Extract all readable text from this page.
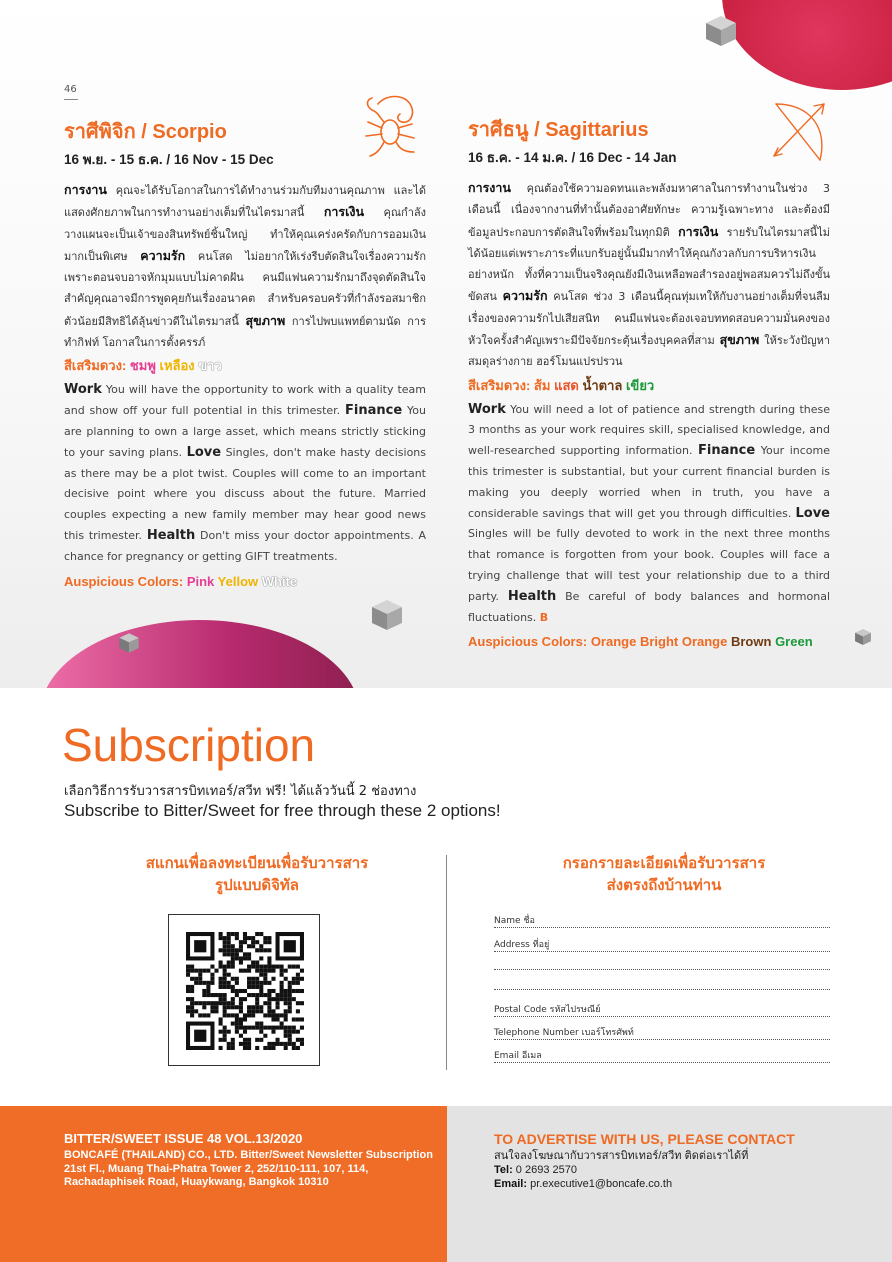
46
ราศีพิจิก / Scorpio
16 พ.ย. - 15 ธ.ค. / 16 Nov - 15 Dec

การงาน คุณจะได้รับโอกาสในการได้ทำงานร่วมกับทีมงานคุณภาพ และได้แสดงศักยภาพในการทำงานอย่างเต็มที่ในไตรมาสนี้ การเงิน คุณกำลังวางแผนจะเป็นเจ้าของสินทรัพย์ชิ้นใหญ่ ทำให้คุณเคร่งครัดกับการออมเงินมากเป็นพิเศษ ความรัก คนโสด ไม่อยากให้เร่งรีบตัดสินใจเรื่องความรักเพราะตอนจบอาจหักมุมแบบไม่คาดฝัน คนมีแฟนความรักมาถึงจุดตัดสินใจสำคัญคุณอาจมีการพูดคุยกันเรื่องอนาคต สำหรับครอบครัวที่กำลังรอสมาชิกตัวน้อยมีสิทธิได้ลุ้นข่าวดีในไตรมาสนี้ สุขภาพ การไปพบแพทย์ตามนัด การทำกิฟท์ โอกาสในการตั้งครรภ์

สีเสริมดวง: ชมพู เหลือง ขาว

Work You will have the opportunity to work with a quality team and show off your full potential in this trimester. Finance You are planning to own a large asset, which means strictly sticking to your saving plans. Love Singles, don't make hasty decisions as there may be a plot twist. Couples will come to an important decisive point where you discuss about the future. Married couples expecting a new family member may hear good news this trimester. Health Don't miss your doctor appointments. A chance for pregnancy or getting GIFT treatments.

Auspicious Colors: Pink Yellow White
ราศีธนู / Sagittarius
16 ธ.ค. - 14 ม.ค. / 16 Dec - 14 Jan

การงาน คุณต้องใช้ความอดทนและพลังมหาศาลในการทำงานในช่วง 3 เดือนนี้ เนื่องจากงานที่ทำนั้นต้องอาศัยทักษะ ความรู้เฉพาะทาง และต้องมีข้อมูลประกอบการตัดสินใจที่พร้อมในทุกมิติ การเงิน รายรับในไตรมาสนี้ไม่ได้น้อยแต่เพราะภาระที่แบกรับอยู่นั้นมีมากทำให้คุณกังวลกับการบริหารเงินอย่างหนัก ทั้งที่ความเป็นจริงคุณยังมีเงินเหลือพอสำรองอยู่พอสมควรไม่ถึงขั้นขัดสน ความรัก คนโสด ช่วง 3 เดือนนี้คุณทุ่มเทให้กับงานอย่างเต็มที่จนลืมเรื่องของความรักไปเสียสนิท คนมีแฟนจะต้องเจอบททดสอบความมั่นคงของหัวใจครั้งสำคัญเพราะมีปัจจัยกระตุ้นเรื่องบุคคลที่สาม สุขภาพ ให้ระวังปัญหาสมดุลร่างกาย ฮอร์โมนแปรปรวน

สีเสริมดวง: ส้ม แสด น้ำตาล เขียว

Work You will need a lot of patience and strength during these 3 months as your work requires skill, specialised knowledge, and well-researched supporting information. Finance Your income this trimester is substantial, but your current financial burden is making you deeply worried when in truth, you have a considerable savings that will get you through difficulties. Love Singles will be fully devoted to work in the next three months that romance is forgotten from your book. Couples will face a trying challenge that will test your relationship due to a third party. Health Be careful of body balances and hormonal fluctuations. B

Auspicious Colors: Orange Bright Orange Brown Green
Subscription
เลือกวิธีการรับวารสารบิทเทอร์/สวีท ฟรี! ได้แล้ววันนี้ 2 ช่องทาง
Subscribe to Bitter/Sweet for free through these 2 options!
สแกนเพื่อลงทะเบียนเพื่อรับวารสาร
รูปแบบดิจิทัล
กรอกรายละเอียดเพื่อรับวารสาร
ส่งตรงถึงบ้านท่าน
Name ชื่อ
Address ที่อยู่
Postal Code รหัสไปรษณีย์
Telephone Number เบอร์โทรศัพท์
Email อีเมล
BITTER/SWEET ISSUE 48 VOL.13/2020
BONCAFÉ (THAILAND) CO., LTD. Bitter/Sweet Newsletter Subscription
21st Fl., Muang Thai-Phatra Tower 2, 252/110-111, 107, 114,
Rachadaphisek Road, Huaykwang, Bangkok 10310
TO ADVERTISE WITH US, PLEASE CONTACT
สนใจลงโฆษณากับวารสารบิทเทอร์/สวีท ติดต่อเราได้ที่
Tel: 0 2693 2570
Email: pr.executive1@boncafe.co.th
